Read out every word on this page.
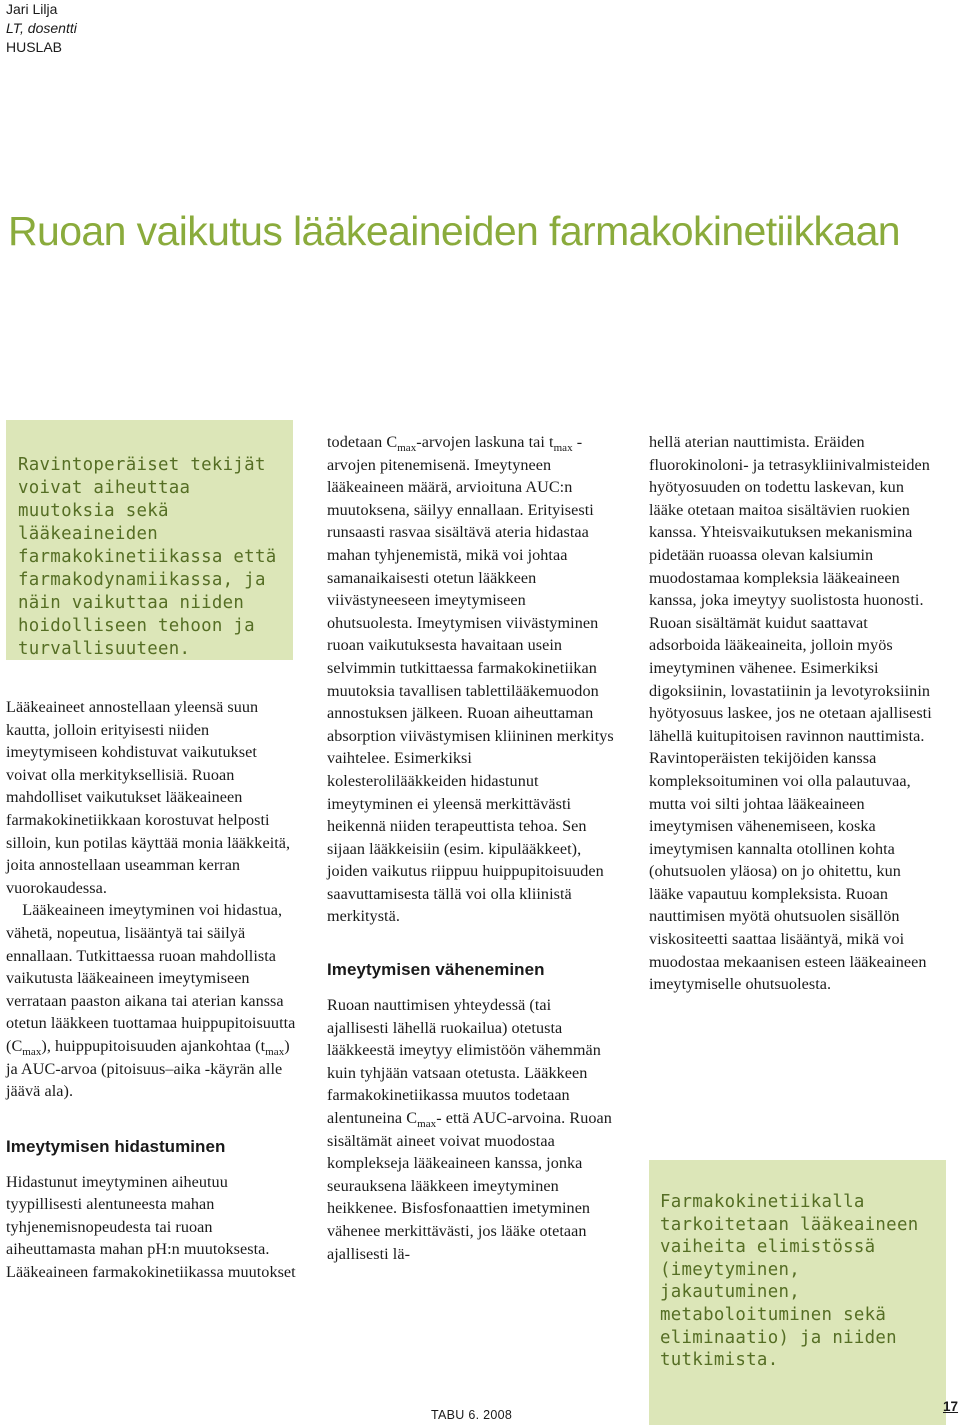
Jari Lilja
LT, dosentti
HUSLAB
Ruoan vaikutus lääkeaineiden farmakokinetiikkaan
Ravintoperäiset tekijät voivat aiheuttaa muutoksia sekä lääkeaineiden farmakokinetiikassa että farmakodynamiikassa, ja näin vaikuttaa niiden hoidolliseen tehoon ja turvallisuuteen.

Lääkeaineet annostellaan yleensä suun kautta, jolloin erityisesti niiden imeytymiseen kohdistuvat vaikutukset voivat olla merkityksellisiä. Ruoan mahdolliset vaikutukset lääkeaineen farmakokinetiikkaan korostuvat helposti silloin, kun potilas käyttää monia lääkkeitä, joita annostellaan useamman kerran vuorokaudessa.

 Lääkeaineen imeytyminen voi hidastua, vähetä, nopeutua, lisääntyä tai säilyä ennallaan. Tutkittaessa ruoan mahdollista vaikutusta lääkeaineen imeytymiseen verrataan paaston aikana tai aterian kanssa otetun lääkkeen tuottamaa huippupitoisuutta $(C_{max})$, huippupitoisuuden ajankohtaa $(t_{max})$ ja AUC-arvoa (pitoisuus–aika -käyrän alle jäävä ala).

Imeytymisen hidastuminen

Hidastunut imeytyminen aiheutuu tyypillisesti alentuneesta mahan tyhjenemisnopeudesta tai ruoan aiheuttamasta mahan pH:n muutoksesta. Lääkeaineen farmakokinetiikassa muutokset

todetaan $C_{max}$-arvojen laskuna tai $t_{max}$ -arvojen pitenemisenä. Imeytyneen lääkeaineen määrä, arvioituna AUC:n muutoksena, säilyy ennallaan. Erityisesti runsaasti rasvaa sisältävä ateria hidastaa mahan tyhjenemistä, mikä voi johtaa samanaikaisesti otetun lääkkeen viivästyneeseen imeytymiseen ohutsuolesta. Imeytymisen viivästyminen ruoan vaikutuksesta havaitaan usein selvimmin tutkittaessa farmakokinetiikan muutoksia tavallisen tablettilääkemuodon annostuksen jälkeen. Ruoan aiheuttaman absorption viivästymisen kliininen merkitys vaihtelee. Esimerkiksi kolesterolilääkkeiden hidastunut imeytyminen ei yleensä merkittävästi heikennä niiden terapeuttista tehoa. Sen sijaan lääkkeisiin (esim. kipulääkkeet), joiden vaikutus riippuu huippupitoisuuden saavuttamisesta tällä voi olla kliinistä merkitystä.

Imeytymisen väheneminen

Ruoan nauttimisen yhteydessä (tai ajallisesti lähellä ruokailua) otetusta lääkkeestä imeytyy elimistöön vähemmän kuin tyhjään vatsaan otetusta. Lääkkeen farmakokinetiikassa muutos todetaan alentuneina $C_{max}-$ että AUC-arvoina. Ruoan sisältämät aineet voivat muodostaa komplekseja lääkeaineen kanssa, jonka seurauksena lääkkeen imeytyminen heikkenee. Bisfosfonaattien imetyminen vähenee merkittävästi, jos lääke otetaan ajallisesti lä-

hellä aterian nauttimista. Eräiden fluorokinoloni- ja tetrasykliinivalmisteiden hyötyosuuden on todettu laskevan, kun lääke otetaan maitoa sisältävien ruokien kanssa. Yhteisvaikutuksen mekanismina pidetään ruoassa olevan kalsiumin muodostamaa kompleksia lääkeaineen kanssa, joka imeytyy suolistosta huonosti. Ruoan sisältämät kuidut saattavat adsorboida lääkeaineita, jolloin myös imeytyminen vähenee. Esimerkiksi digoksiinin, lovastatiinin ja levotyroksiinin hyötyosuus laskee, jos ne otetaan ajallisesti lähellä kuitupitoisen ravinnon nauttimista. Ravintoperäisten tekijöiden kanssa kompleksoituminen voi olla palautuvaa, mutta voi silti johtaa lääkeaineen imeytymisen vähenemiseen, koska imeytymisen kannalta otollinen kohta (ohutsuolen yläosa) on jo ohitettu, kun lääke vapautuu kompleksista. Ruoan nauttimisen myötä ohutsuolen sisällön viskositeetti saattaa lisääntyä, mikä voi muodostaa mekaanisen esteen lääkeaineen imeytymiselle ohutsuolesta.

Farmakokinetiikalla tarkoitetaan lääkeaineen vaiheita elimistössä (imeytyminen, jakautuminen, metaboloituminen sekä eliminaatio) ja niiden tutkimista.
TABU 6. 2008
17
